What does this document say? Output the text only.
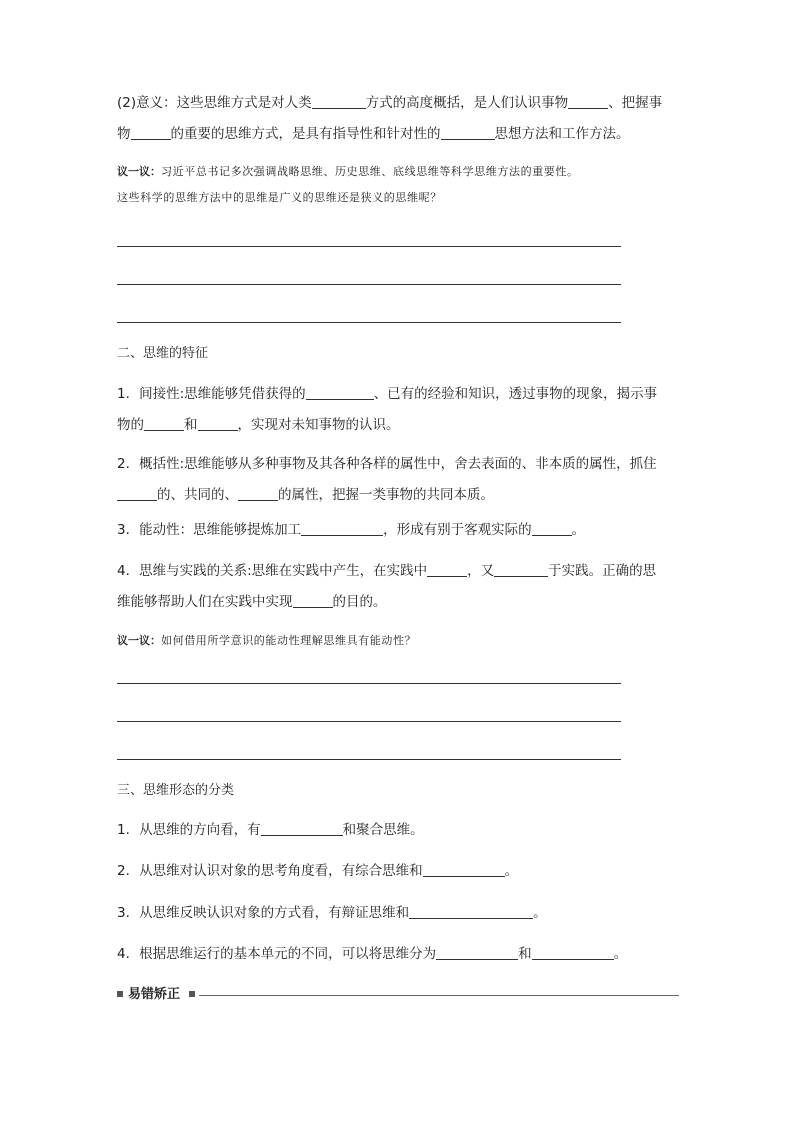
(2)意义：这些思维方式是对人类	方式的高度概括，是人们认识事物	、把握事
物	的重要的思维方式，是具有指导性和针对性的	思想方法和工作方法。
议一议：习近平总书记多次强调战略思维、历史思维、底线思维等科学思维方法的重要性。
这些科学的思维方法中的思维是广义的思维还是狭义的思维呢？
二、思维的特征
1．间接性:思维能够凭借获得的	、已有的经验和知识，透过事物的现象，揭示事
物的	和	，实现对未知事物的认识。
2．概括性:思维能够从多种事物及其各种各样的属性中，舍去表面的、非本质的属性，抓住
的、共同的、	的属性，把握一类事物的共同本质。
3．能动性：思维能够提炼加工	，形成有别于客观实际的	。
4．思维与实践的关系:思维在实践中产生，在实践中	，又	于实践。正确的思
维能够帮助人们在实践中实现	的目的。
议一议：如何借用所学意识的能动性理解思维具有能动性？
三、思维形态的分类
1．从思维的方向看，有	和聚合思维。
2．从思维对认识对象的思考角度看，有综合思维和	。
3．从思维反映认识对象的方式看，有辩证思维和	。
4．根据思维运行的基本单元的不同，可以将思维分为	和	。
易错矫正
